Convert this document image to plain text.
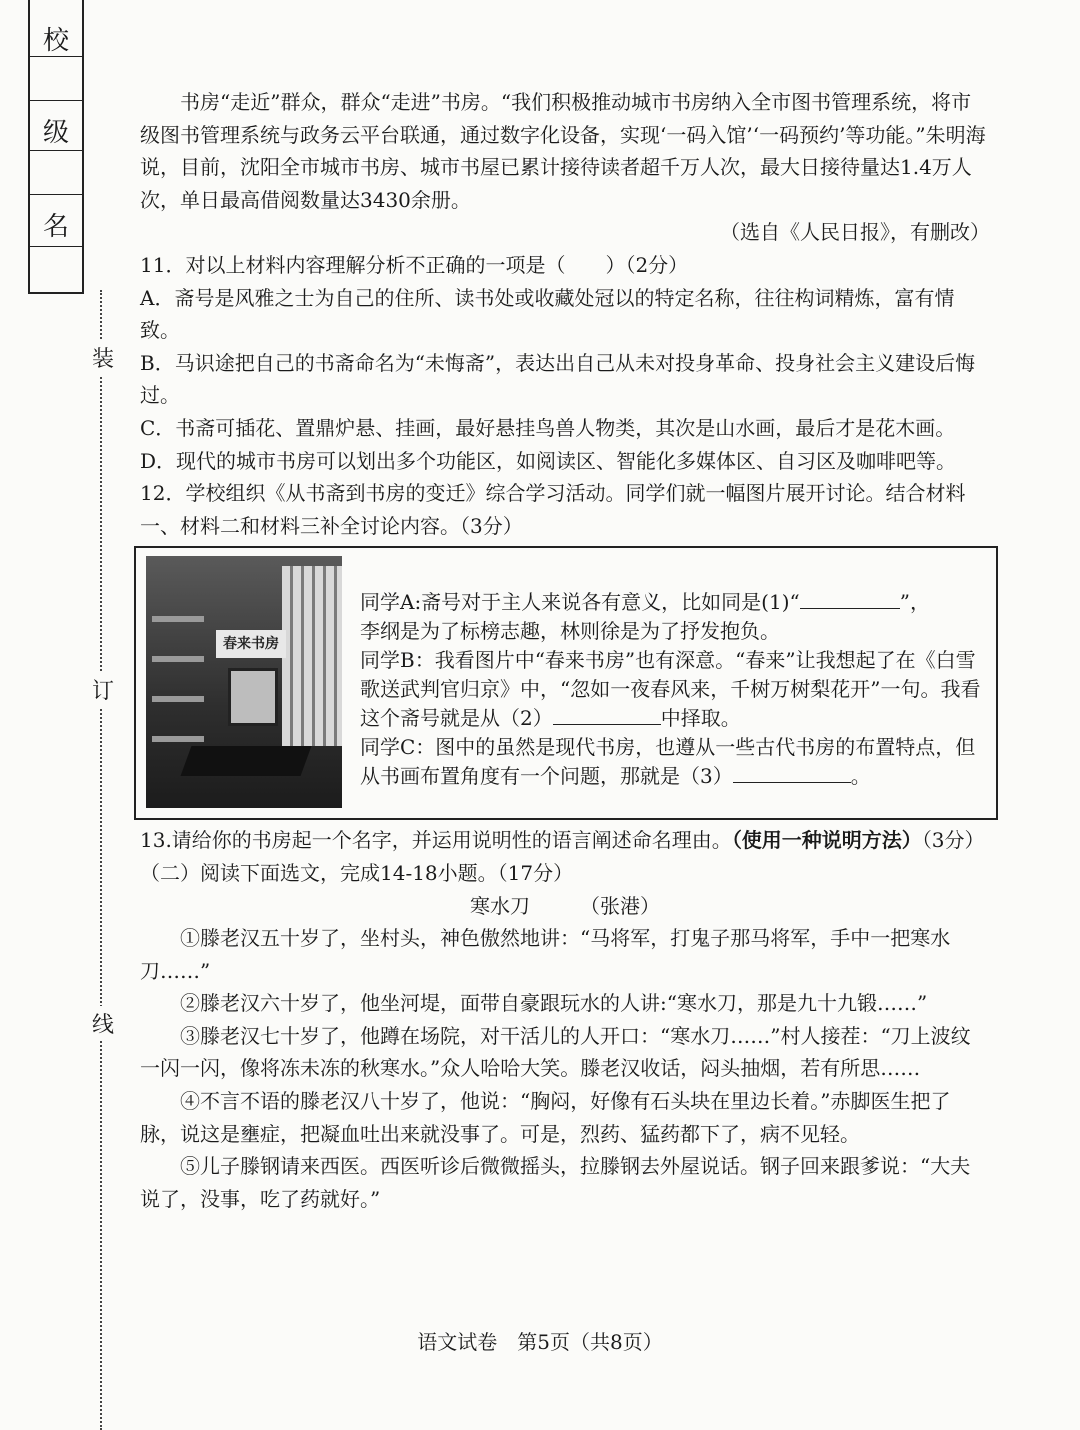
校
级
名
装
订
线

书房“走近”群众，群众“走进”书房。“我们积极推动城市书房纳入全市图书管理系统，将市级图书管理系统与政务云平台联通，通过数字化设备，实现‘一码入馆’‘一码预约’等功能。”朱明海说，目前，沈阳全市城市书房、城市书屋已累计接待读者超千万人次，最大日接待量达1.4万人次，单日最高借阅数量达3430余册。

（选自《人民日报》，有删改）

11．对以上材料内容理解分析不正确的一项是（　　）（2分）

A．斋号是风雅之士为自己的住所、读书处或收藏处冠以的特定名称，往往构词精炼，富有情致。

B．马识途把自己的书斋命名为“未悔斋”，表达出自己从未对投身革命、投身社会主义建设后悔过。

C．书斋可插花、置鼎炉悬、挂画，最好悬挂鸟兽人物类，其次是山水画，最后才是花木画。

D．现代的城市书房可以划出多个功能区，如阅读区、智能化多媒体区、自习区及咖啡吧等。

12．学校组织《从书斋到书房的变迁》综合学习活动。同学们就一幅图片展开讨论。结合材料一、材料二和材料三补全讨论内容。（3分）

春来书房
同学A:斋号对于主人来说各有意义，比如同是(1)“	”，
李纲是为了标榜志趣，林则徐是为了抒发抱负。
同学B：我看图片中“春来书房”也有深意。“春来”让我想起了在《白雪歌送武判官归京》中，“忽如一夜春风来，千树万树梨花开”一句。我看这个斋号就是从（2）	中择取。
同学C：图中的虽然是现代书房，也遵从一些古代书房的布置特点，但从书画布置角度有一个问题，那就是（3）	。

13.请给你的书房起一个名字，并运用说明性的语言阐述命名理由。（使用一种说明方法）（3分）

（二）阅读下面选文，完成14-18小题。（17分）

寒水刀　　　	（张港）

①滕老汉五十岁了，坐村头，神色傲然地讲：“马将军，打鬼子那马将军，手中一把寒水刀……”

②滕老汉六十岁了，他坐河堤，面带自豪跟玩水的人讲:“寒水刀，那是九十九锻……”

③滕老汉七十岁了，他蹲在场院，对干活儿的人开口：“寒水刀……”村人接茬：“刀上波纹一闪一闪，像将冻未冻的秋寒水。”众人哈哈大笑。滕老汉收话，闷头抽烟，若有所思……

④不言不语的滕老汉八十岁了，他说：“胸闷，好像有石头块在里边长着。”赤脚医生把了脉，说这是壅症，把凝血吐出来就没事了。可是，烈药、猛药都下了，病不见轻。

⑤儿子滕钢请来西医。西医听诊后微微摇头，拉滕钢去外屋说话。钢子回来跟爹说：“大夫说了，没事，吃了药就好。”

语文试卷　第5页（共8页）
